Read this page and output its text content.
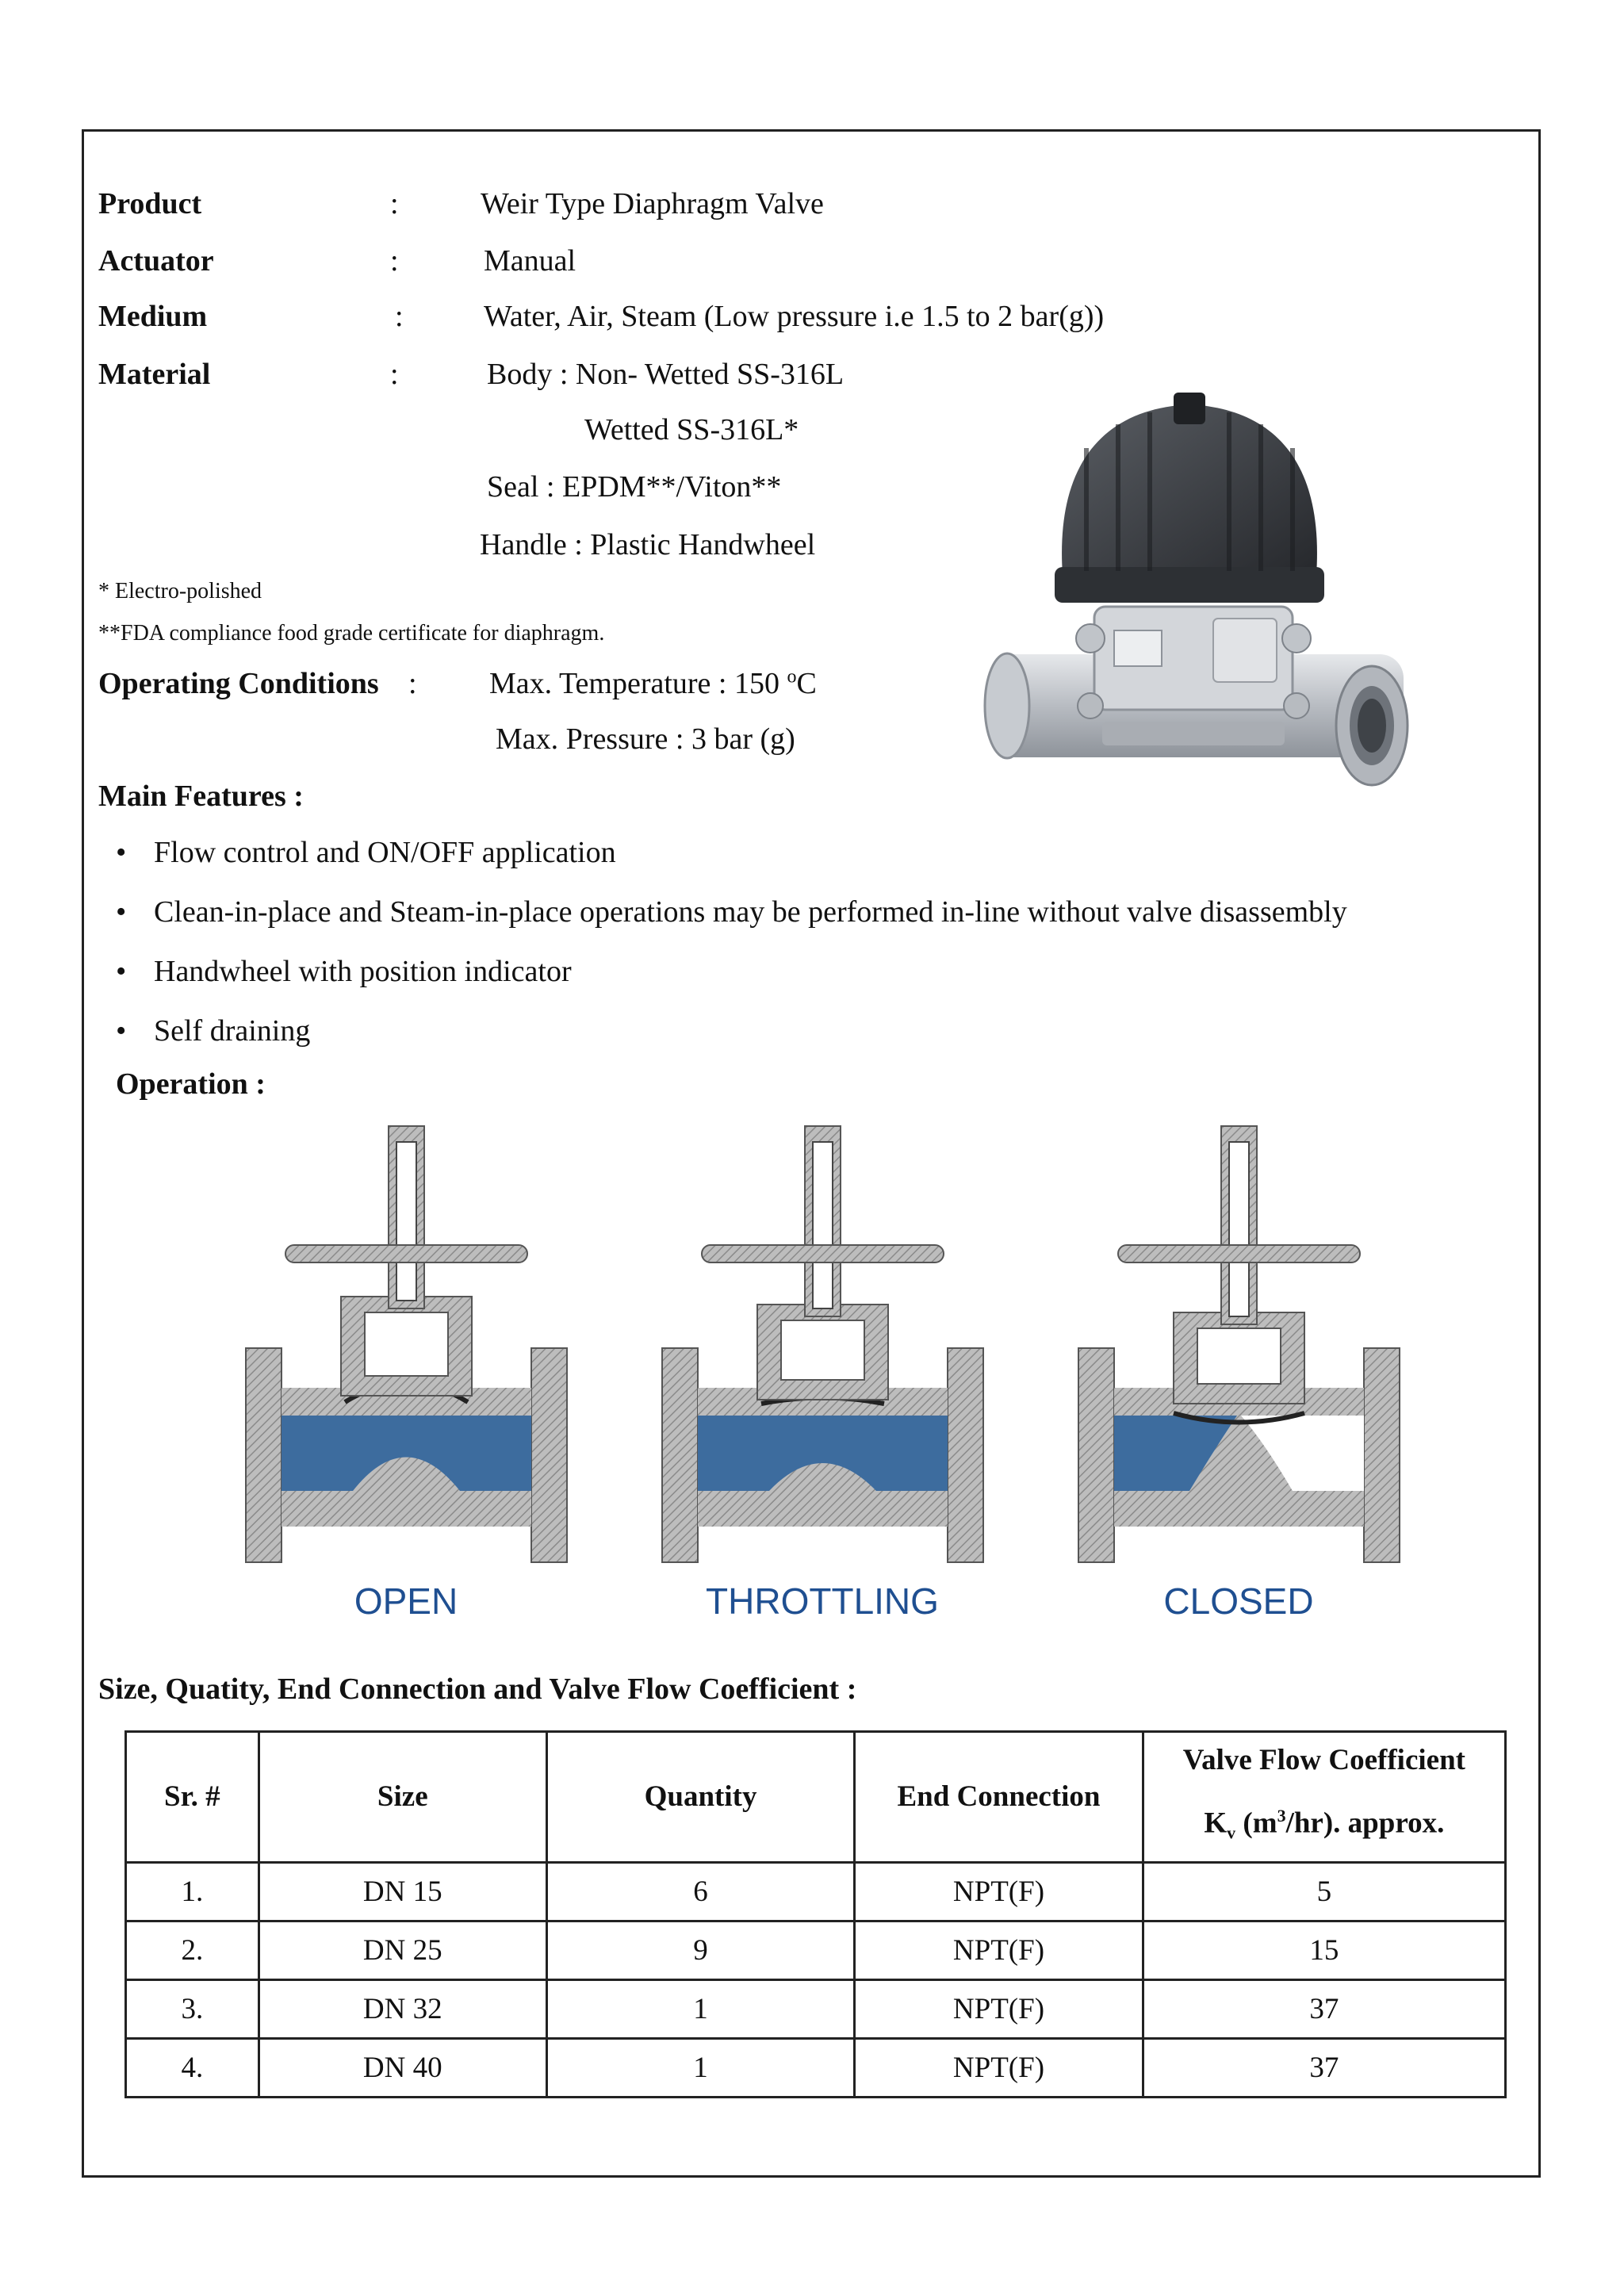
Product	:	Weir Type Diaphragm Valve
Actuator	:	Manual
Medium	:	Water, Air, Steam (Low pressure i.e 1.5 to 2 bar(g))
Material	:	Body : Non- Wetted SS-316L
Wetted SS-316L*
Seal : EPDM**/Viton**
Handle : Plastic Handwheel
* Electro-polished
**FDA compliance food grade certificate for diaphragm.
Operating Conditions : Max. Temperature : 150 $^o$C
Max. Pressure : 3 bar (g)
Main Features :
• Flow control and ON/OFF application
• Clean-in-place and Steam-in-place operations may be performed in-line without valve disassembly
• Handwheel with position indicator
• Self draining
Operation :
OPEN	THROTTLING	CLOSED
Size, Quatity, End Connection and Valve Flow Coefficient :
Sr. #	Size	Quantity	End Connection	Valve Flow Coefficient
$K_v$ $(m^3/hr)$. approx.

1.	DN 15	6	NPT(F)	5
2.	DN 25	9	NPT(F)	15
3.	DN 32	1	NPT(F)	37
4.	DN 40	1	NPT(F)	37
